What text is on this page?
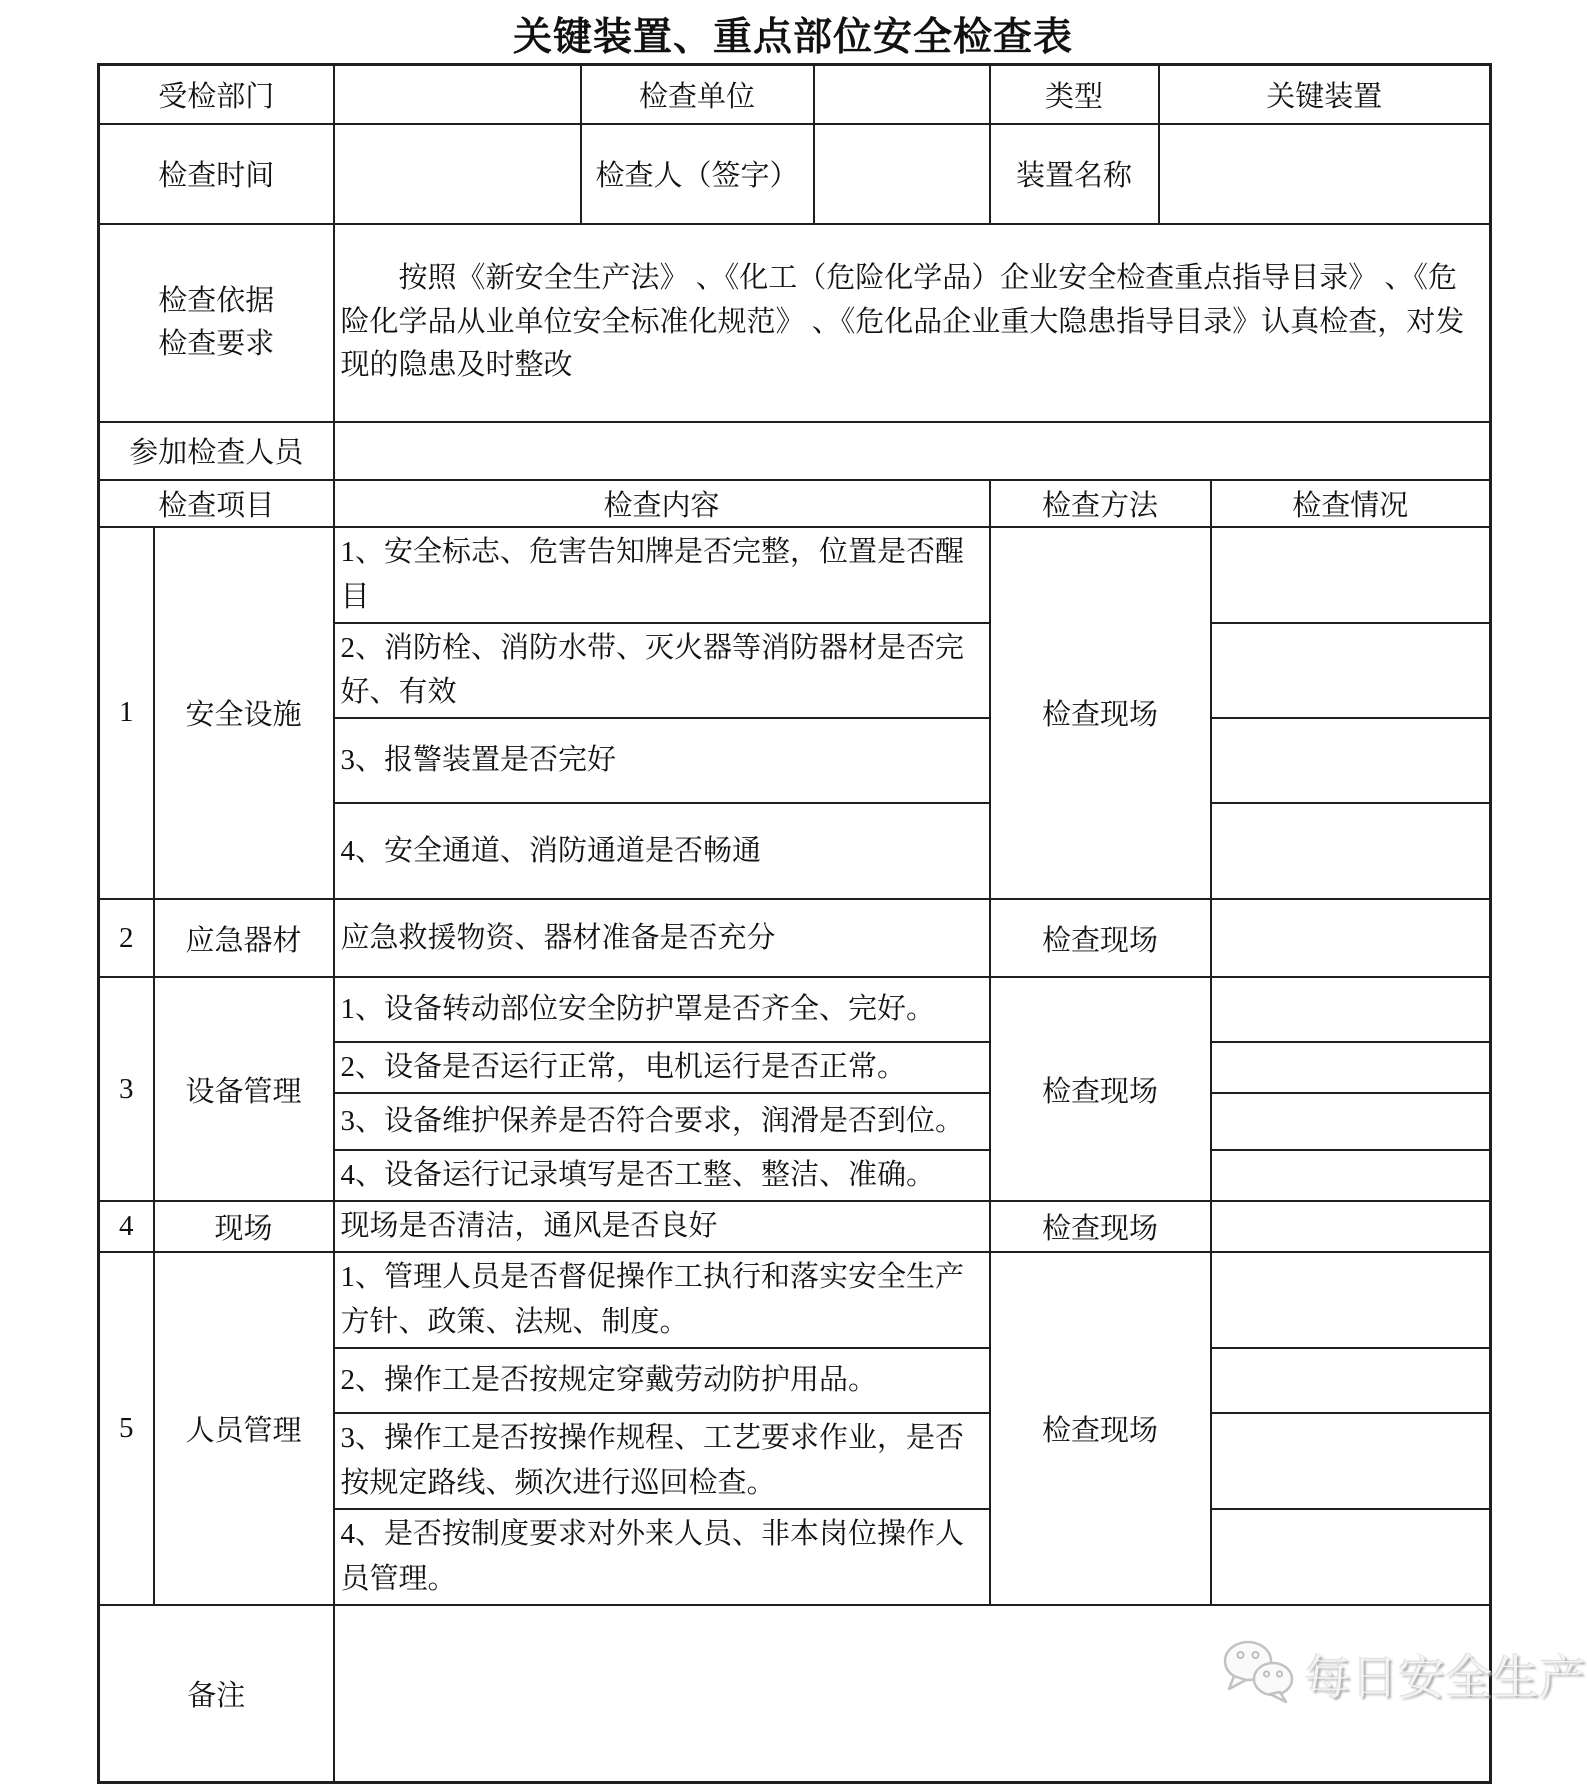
关键装置、重点部位安全检查表
受检部门			检查单位		类型	关键装置	
检查时间			检查人（签字）		装置名称		

检查依据
检查要求		按照《新安全生产法》 、《化工（危险化学品）企业安全检查重点指导目录》 、《危险化学品从业单位安全标准化规范》 、《危化品企业重大隐患指导目录》认真检查，对发现的隐患及时整改					
参加检查人员							
检查项目		检查内容			检查方法		检查情况
1	安全设施	1、安全标志、危害告知牌是否完整，位置是否醒目			检查现场		
		2、消防栓、消防水带、灭火器等消防器材是否完好、有效					
		3、报警装置是否完好					
		4、安全通道、消防通道是否畅通					
2	应急器材	应急救援物资、器材准备是否充分			检查现场		
3	设备管理	1、设备转动部位安全防护罩是否齐全、完好。			检查现场		
		2、设备是否运行正常，电机运行是否正常。					
		3、设备维护保养是否符合要求，润滑是否到位。					
		4、设备运行记录填写是否工整、整洁、准确。					
4	现场	现场是否清洁，通风是否良好			检查现场		
5	人员管理	1、管理人员是否督促操作工执行和落实安全生产方针、政策、法规、制度。			检查现场		
		2、操作工是否按规定穿戴劳动防护用品。					
		3、操作工是否按操作规程、工艺要求作业，是否按规定路线、频次进行巡回检查。					
		4、是否按制度要求对外来人员、非本岗位操作人员管理。					
备注								每日安全生产
